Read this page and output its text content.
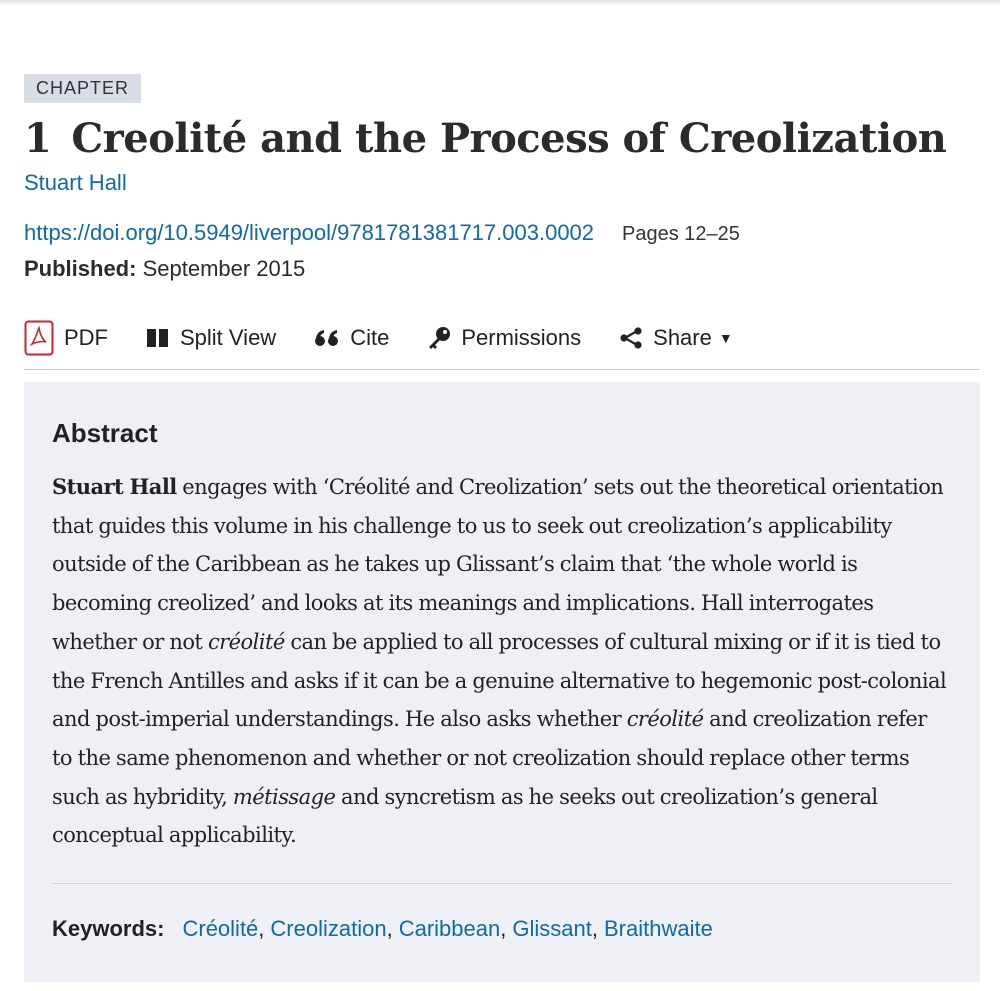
CHAPTER
1 Creolité and the Process of Creolization
Stuart Hall
https://doi.org/10.5949/liverpool/9781781381717.003.0002 Pages 12–25
Published: September 2015
PDF	Split View	Cite	Permissions	Share ▼
Abstract

Stuart Hall engages with ‘Créolité and Creolization’ sets out the theoretical orientation that guides this volume in his challenge to us to seek out creolization’s applicability outside of the Caribbean as he takes up Glissant’s claim that ‘the whole world is becoming creolized’ and looks at its meanings and implications. Hall interrogates whether or not créolité can be applied to all processes of cultural mixing or if it is tied to the French Antilles and asks if it can be a genuine alternative to hegemonic post-colonial and post-imperial understandings. He also asks whether créolité and creolization refer to the same phenomenon and whether or not creolization should replace other terms such as hybridity, métissage and syncretism as he seeks out creolization’s general conceptual applicability.

Keywords: Créolité , Creolization , Caribbean , Glissant , Braithwaite
